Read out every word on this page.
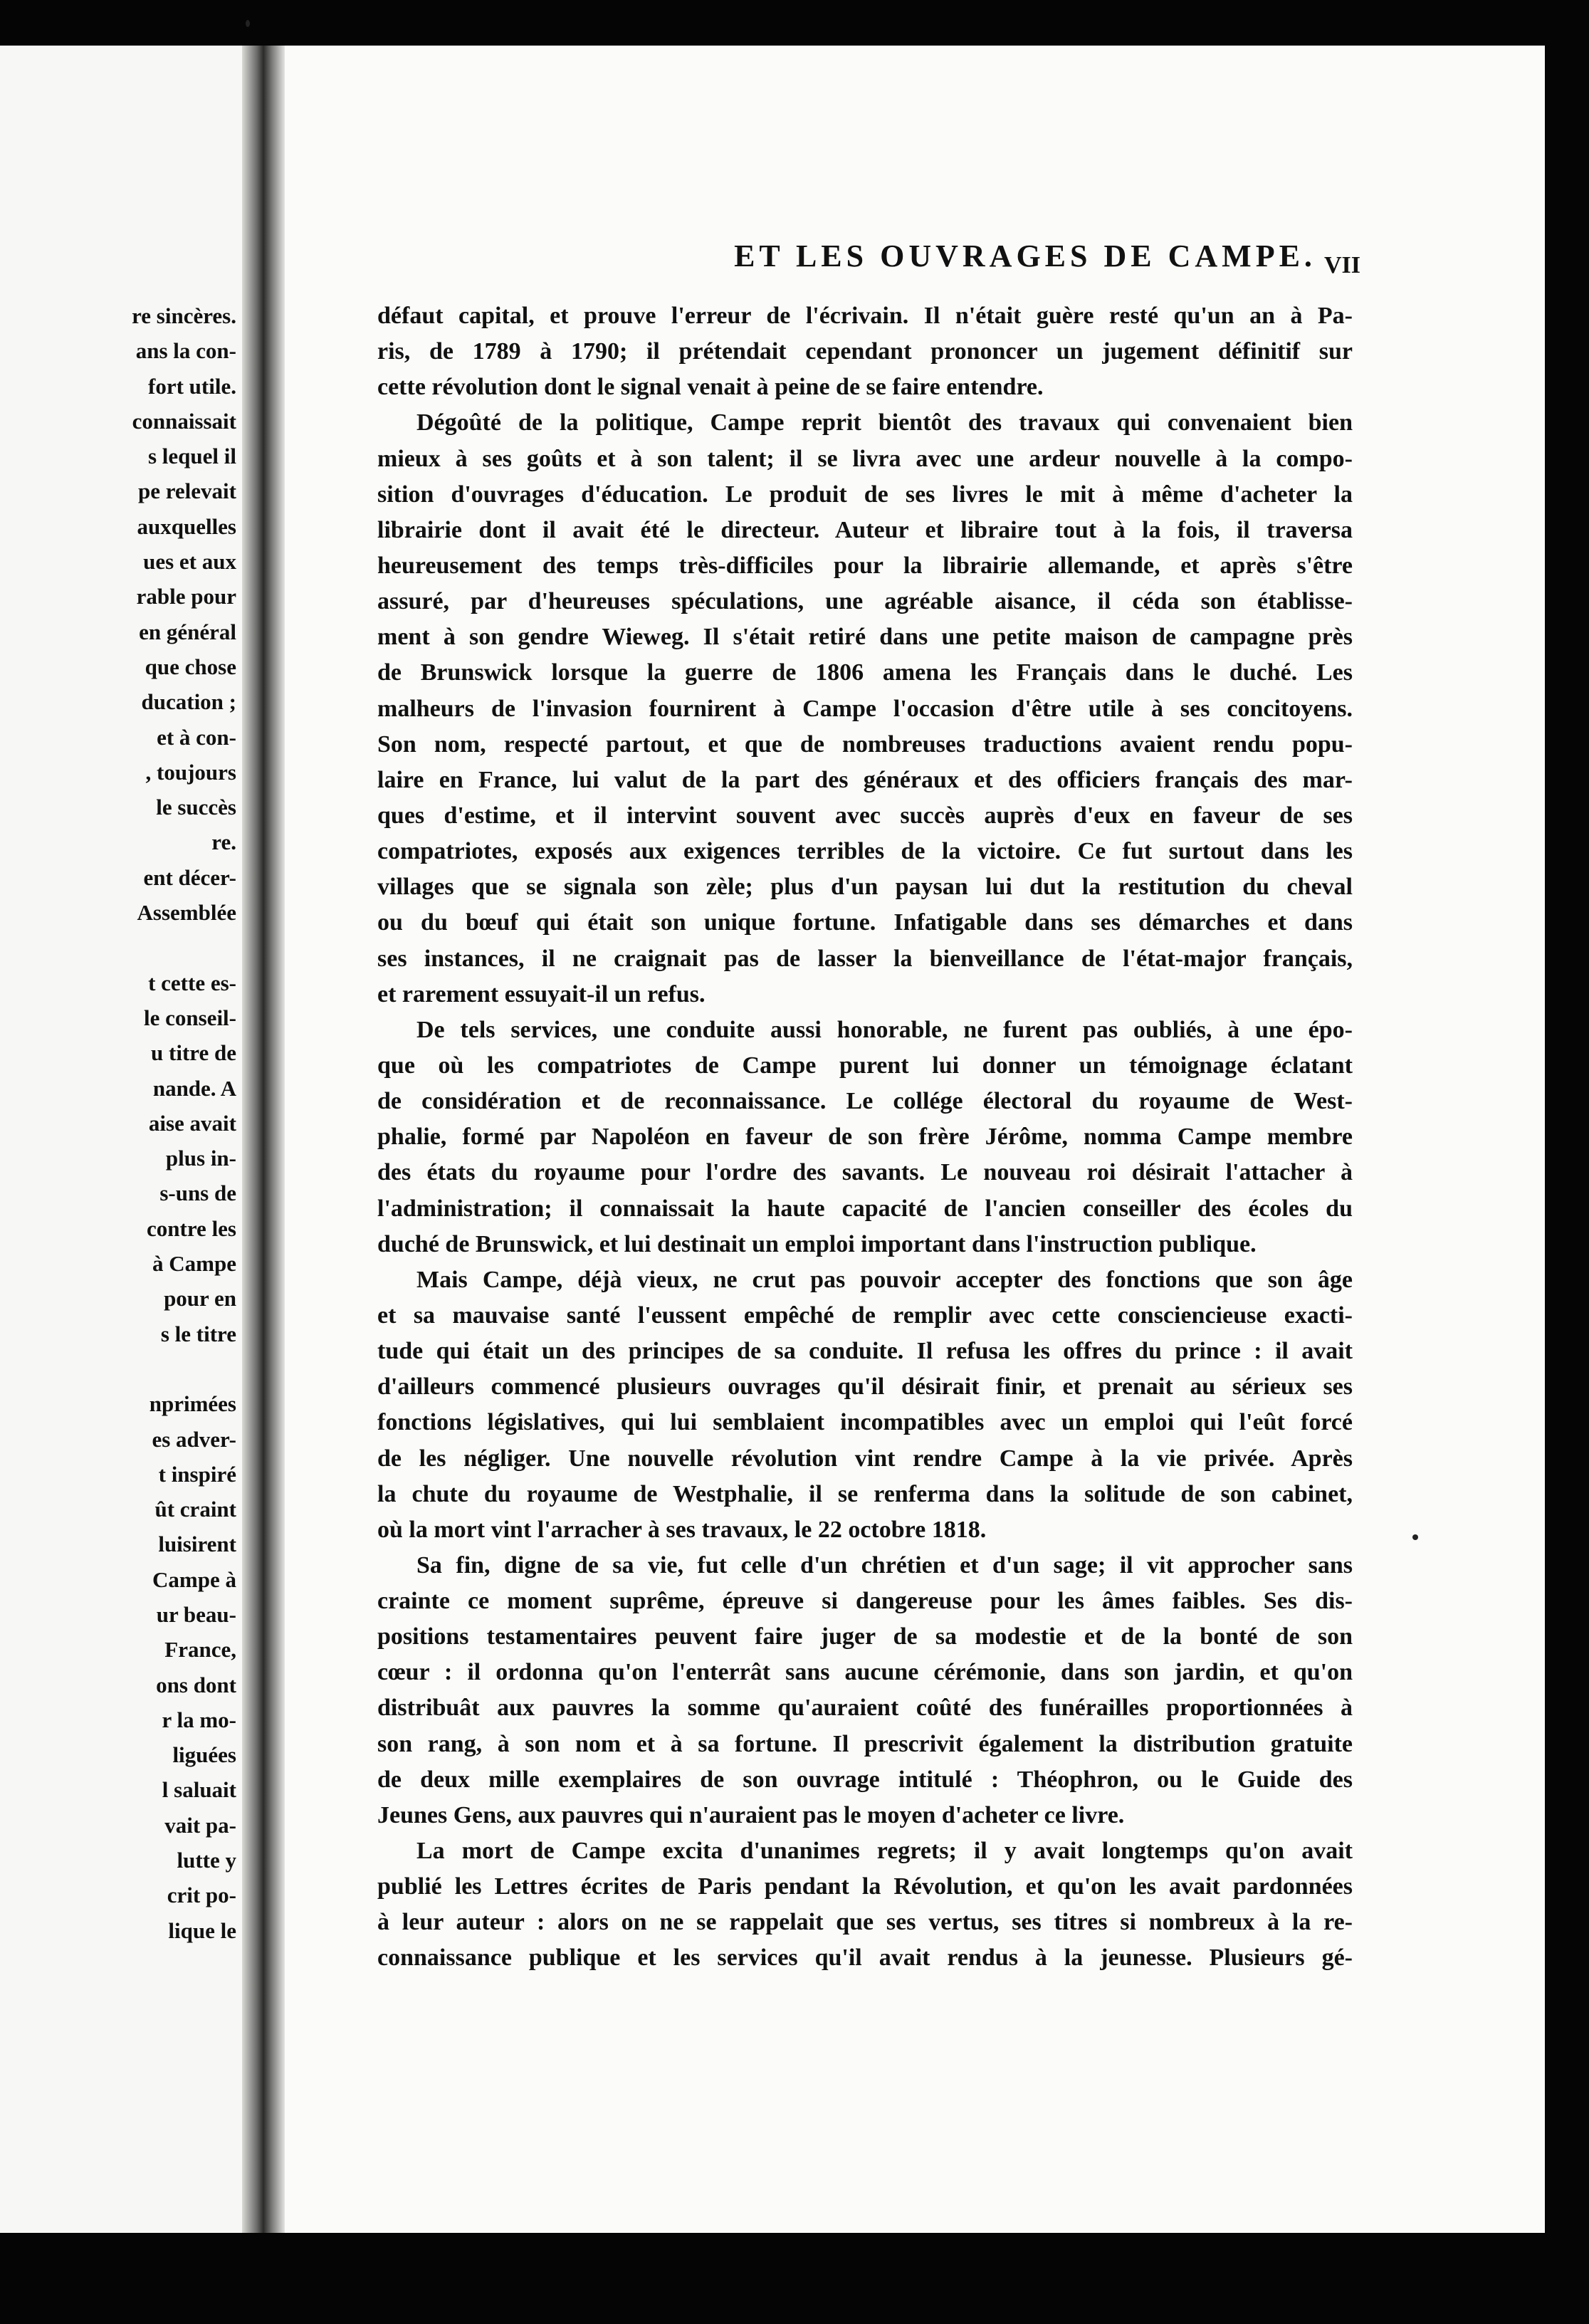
re sincères.
ans la con-
fort utile.
connaissait
s lequel il
pe relevait
auxquelles
ues et aux
rable pour
en général
que chose
ducation ;
et à con-
, toujours
le succès
re.
ent décer-
Assemblée
t cette es-
le conseil-
u titre de
nande. A
aise avait
plus in-
s-uns de
contre les
à Campe
pour en
s le titre
nprimées
es adver-
t inspiré
ût craint
luisirent
Campe à
ur beau-
France,
ons dont
r la mo-
liguées
l saluait
vait pa-
lutte y
crit po-
lique le
ET LES OUVRAGES DE CAMPE. VII
défaut capital, et prouve l'erreur de l'écrivain. Il n'était guère resté qu'un an à Pa-
ris, de 1789 à 1790; il prétendait cependant prononcer un jugement définitif sur
cette révolution dont le signal venait à peine de se faire entendre.
Dégoûté de la politique, Campe reprit bientôt des travaux qui convenaient bien
mieux à ses goûts et à son talent; il se livra avec une ardeur nouvelle à la compo-
sition d'ouvrages d'éducation. Le produit de ses livres le mit à même d'acheter la
librairie dont il avait été le directeur. Auteur et libraire tout à la fois, il traversa
heureusement des temps très-difficiles pour la librairie allemande, et après s'être
assuré, par d'heureuses spéculations, une agréable aisance, il céda son établisse-
ment à son gendre Wieweg. Il s'était retiré dans une petite maison de campagne près
de Brunswick lorsque la guerre de 1806 amena les Français dans le duché. Les
malheurs de l'invasion fournirent à Campe l'occasion d'être utile à ses concitoyens.
Son nom, respecté partout, et que de nombreuses traductions avaient rendu popu-
laire en France, lui valut de la part des généraux et des officiers français des mar-
ques d'estime, et il intervint souvent avec succès auprès d'eux en faveur de ses
compatriotes, exposés aux exigences terribles de la victoire. Ce fut surtout dans les
villages que se signala son zèle; plus d'un paysan lui dut la restitution du cheval
ou du bœuf qui était son unique fortune. Infatigable dans ses démarches et dans
ses instances, il ne craignait pas de lasser la bienveillance de l'état-major français,
et rarement essuyait-il un refus.
De tels services, une conduite aussi honorable, ne furent pas oubliés, à une épo-
que où les compatriotes de Campe purent lui donner un témoignage éclatant
de considération et de reconnaissance. Le collége électoral du royaume de West-
phalie, formé par Napoléon en faveur de son frère Jérôme, nomma Campe membre
des états du royaume pour l'ordre des savants. Le nouveau roi désirait l'attacher à
l'administration; il connaissait la haute capacité de l'ancien conseiller des écoles du
duché de Brunswick, et lui destinait un emploi important dans l'instruction publique.
Mais Campe, déjà vieux, ne crut pas pouvoir accepter des fonctions que son âge
et sa mauvaise santé l'eussent empêché de remplir avec cette consciencieuse exacti-
tude qui était un des principes de sa conduite. Il refusa les offres du prince : il avait
d'ailleurs commencé plusieurs ouvrages qu'il désirait finir, et prenait au sérieux ses
fonctions législatives, qui lui semblaient incompatibles avec un emploi qui l'eût forcé
de les négliger. Une nouvelle révolution vint rendre Campe à la vie privée. Après
la chute du royaume de Westphalie, il se renferma dans la solitude de son cabinet,
où la mort vint l'arracher à ses travaux, le 22 octobre 1818.
Sa fin, digne de sa vie, fut celle d'un chrétien et d'un sage; il vit approcher sans
crainte ce moment suprême, épreuve si dangereuse pour les âmes faibles. Ses dis-
positions testamentaires peuvent faire juger de sa modestie et de la bonté de son
cœur : il ordonna qu'on l'enterrât sans aucune cérémonie, dans son jardin, et qu'on
distribuât aux pauvres la somme qu'auraient coûté des funérailles proportionnées à
son rang, à son nom et à sa fortune. Il prescrivit également la distribution gratuite
de deux mille exemplaires de son ouvrage intitulé : Théophron, ou le Guide des
Jeunes Gens, aux pauvres qui n'auraient pas le moyen d'acheter ce livre.
La mort de Campe excita d'unanimes regrets; il y avait longtemps qu'on avait
publié les Lettres écrites de Paris pendant la Révolution, et qu'on les avait pardonnées
à leur auteur : alors on ne se rappelait que ses vertus, ses titres si nombreux à la re-
connaissance publique et les services qu'il avait rendus à la jeunesse. Plusieurs gé-
